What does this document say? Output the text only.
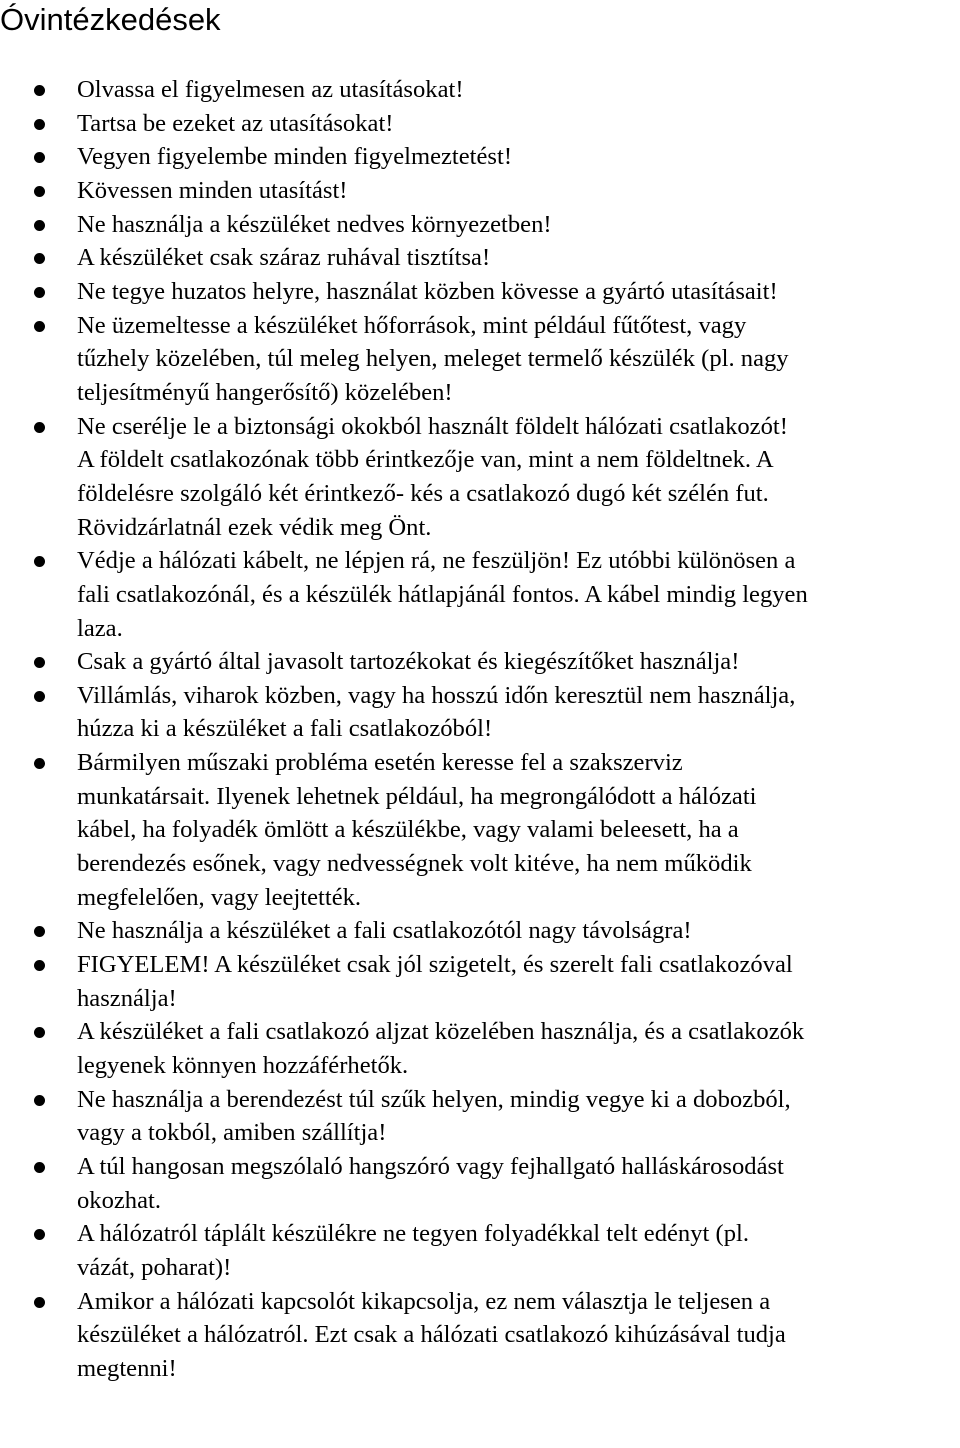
Óvintézkedések
Olvassa el figyelmesen az utasításokat!
Tartsa be ezeket az utasításokat!
Vegyen figyelembe minden figyelmeztetést!
Kövessen minden utasítást!
Ne használja a készüléket nedves környezetben!
A készüléket csak száraz ruhával tisztítsa!
Ne tegye huzatos helyre, használat közben kövesse a gyártó utasításait!
Ne üzemeltesse a készüléket hőforrások, mint például fűtőtest, vagy
tűzhely közelében, túl meleg helyen, meleget termelő készülék (pl. nagy
teljesítményű hangerősítő) közelében!
Ne cserélje le a biztonsági okokból használt földelt hálózati csatlakozót!
A földelt csatlakozónak több érintkezője van, mint a nem földeltnek. A
földelésre szolgáló két érintkező- kés a csatlakozó dugó két szélén fut.
Rövidzárlatnál ezek védik meg Önt.
Védje a hálózati kábelt, ne lépjen rá, ne feszüljön! Ez utóbbi különösen a
fali csatlakozónál, és a készülék hátlapjánál fontos. A kábel mindig legyen
laza.
Csak a gyártó által javasolt tartozékokat és kiegészítőket használja!
Villámlás, viharok közben, vagy ha hosszú időn keresztül nem használja,
húzza ki a készüléket a fali csatlakozóból!
Bármilyen műszaki probléma esetén keresse fel a szakszerviz
munkatársait. Ilyenek lehetnek például, ha megrongálódott a hálózati
kábel, ha folyadék ömlött a készülékbe, vagy valami beleesett, ha a
berendezés esőnek, vagy nedvességnek volt kitéve, ha nem működik
megfelelően, vagy leejtették.
Ne használja a készüléket a fali csatlakozótól nagy távolságra!
FIGYELEM! A készüléket csak jól szigetelt, és szerelt fali csatlakozóval
használja!
A készüléket a fali csatlakozó aljzat közelében használja, és a csatlakozók
legyenek könnyen hozzáférhetők.
Ne használja a berendezést túl szűk helyen, mindig vegye ki a dobozból,
vagy a tokból, amiben szállítja!
A túl hangosan megszólaló hangszóró vagy fejhallgató halláskárosodást
okozhat.
A hálózatról táplált készülékre ne tegyen folyadékkal telt edényt (pl.
vázát, poharat)!
Amikor a hálózati kapcsolót kikapcsolja, ez nem választja le teljesen a
készüléket a hálózatról. Ezt csak a hálózati csatlakozó kihúzásával tudja
megtenni!
